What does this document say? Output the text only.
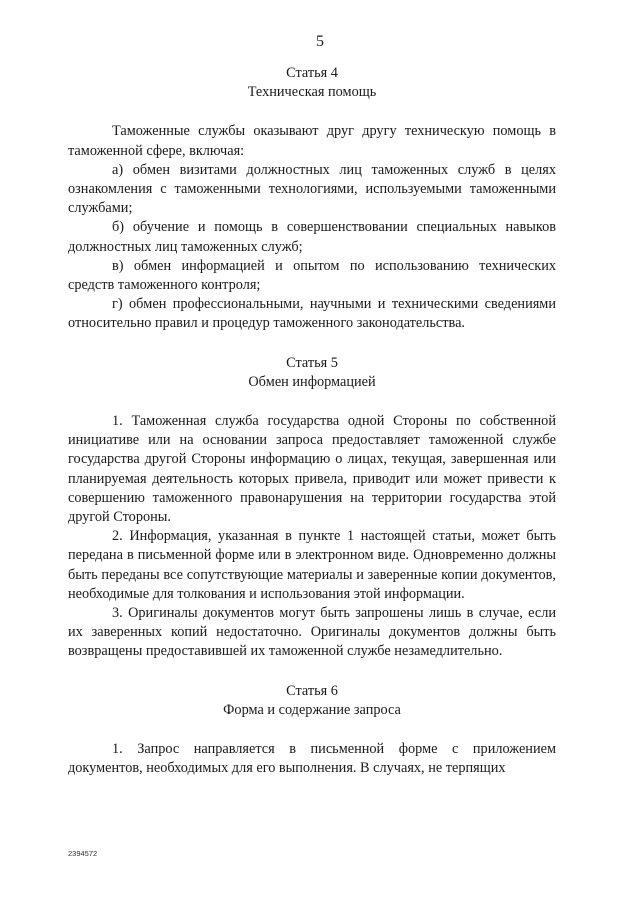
5
Статья 4
Техническая помощь

Таможенные службы оказывают друг другу техническую помощь в таможенной сфере, включая:

а) обмен визитами должностных лиц таможенных служб в целях ознакомления с таможенными технологиями, используемыми таможенными службами;

б) обучение и помощь в совершенствовании специальных навыков должностных лиц таможенных служб;

в) обмен информацией и опытом по использованию технических средств таможенного контроля;

г) обмен профессиональными, научными и техническими сведениями относительно правил и процедур таможенного законодательства.

Статья 5
Обмен информацией

1. Таможенная служба государства одной Стороны по собственной инициативе или на основании запроса предоставляет таможенной службе государства другой Стороны информацию о лицах, текущая, завершенная или планируемая деятельность которых привела, приводит или может привести к совершению таможенного правонарушения на территории государства этой другой Стороны.

2. Информация, указанная в пункте 1 настоящей статьи, может быть передана в письменной форме или в электронном виде. Одновременно должны быть переданы все сопутствующие материалы и заверенные копии документов, необходимые для толкования и использования этой информации.

3. Оригиналы документов могут быть запрошены лишь в случае, если их заверенных копий недостаточно. Оригиналы документов должны быть возвращены предоставившей их таможенной службе незамедлительно.

Статья 6
Форма и содержание запроса

1. Запрос направляется в письменной форме с приложением документов, необходимых для его выполнения. В случаях, не терпящих

2394572
